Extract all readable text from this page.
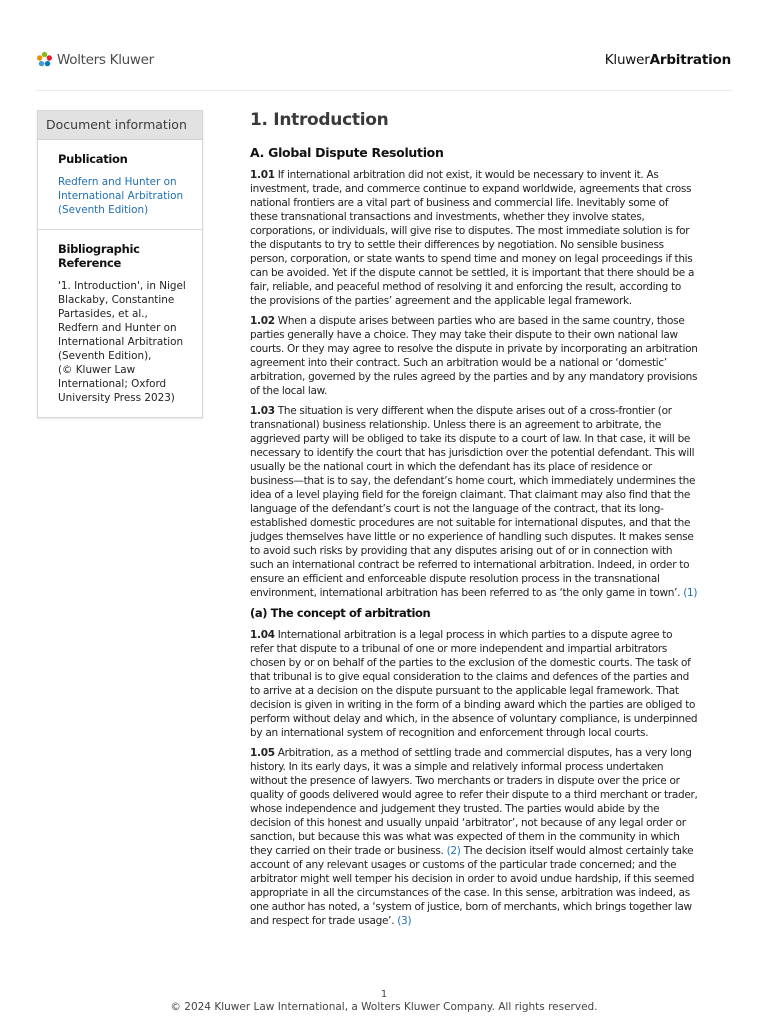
Wolters Kluwer	KluwerArbitration
Document information
Publication
Redfern and Hunter on International Arbitration (Seventh Edition)
Bibliographic Reference
'1. Introduction', in Nigel Blackaby, Constantine Partasides, et al., Redfern and Hunter on International Arbitration (Seventh Edition),
(© Kluwer Law International; Oxford University Press 2023)
1. Introduction
A. Global Dispute Resolution

1.01 If international arbitration did not exist, it would be necessary to invent it. As investment, trade, and commerce continue to expand worldwide, agreements that cross national frontiers are a vital part of business and commercial life. Inevitably some of these transnational transactions and investments, whether they involve states, corporations, or individuals, will give rise to disputes. The most immediate solution is for the disputants to try to settle their differences by negotiation. No sensible business person, corporation, or state wants to spend time and money on legal proceedings if this can be avoided. Yet if the dispute cannot be settled, it is important that there should be a fair, reliable, and peaceful method of resolving it and enforcing the result, according to the provisions of the parties’ agreement and the applicable legal framework.

1.02 When a dispute arises between parties who are based in the same country, those parties generally have a choice. They may take their dispute to their own national law courts. Or they may agree to resolve the dispute in private by incorporating an arbitration agreement into their contract. Such an arbitration would be a national or ‘domestic’ arbitration, governed by the rules agreed by the parties and by any mandatory provisions of the local law.

1.03 The situation is very different when the dispute arises out of a cross-frontier (or transnational) business relationship. Unless there is an agreement to arbitrate, the aggrieved party will be obliged to take its dispute to a court of law. In that case, it will be necessary to identify the court that has jurisdiction over the potential defendant. This will usually be the national court in which the defendant has its place of residence or business—that is to say, the defendant’s home court, which immediately undermines the idea of a level playing field for the foreign claimant. That claimant may also find that the language of the defendant’s court is not the language of the contract, that its long-established domestic procedures are not suitable for international disputes, and that the judges themselves have little or no experience of handling such disputes. It makes sense to avoid such risks by providing that any disputes arising out of or in connection with such an international contract be referred to international arbitration. Indeed, in order to ensure an efficient and enforceable dispute resolution process in the transnational environment, international arbitration has been referred to as ‘the only game in town’. (1)

(a) The concept of arbitration

1.04 International arbitration is a legal process in which parties to a dispute agree to refer that dispute to a tribunal of one or more independent and impartial arbitrators chosen by or on behalf of the parties to the exclusion of the domestic courts. The task of that tribunal is to give equal consideration to the claims and defences of the parties and to arrive at a decision on the dispute pursuant to the applicable legal framework. That decision is given in writing in the form of a binding award which the parties are obliged to perform without delay and which, in the absence of voluntary compliance, is underpinned by an international system of recognition and enforcement through local courts.

1.05 Arbitration, as a method of settling trade and commercial disputes, has a very long history. In its early days, it was a simple and relatively informal process undertaken without the presence of lawyers. Two merchants or traders in dispute over the price or quality of goods delivered would agree to refer their dispute to a third merchant or trader, whose independence and judgement they trusted. The parties would abide by the decision of this honest and usually unpaid ‘arbitrator’, not because of any legal order or sanction, but because this was what was expected of them in the community in which they carried on their trade or business. (2) The decision itself would almost certainly take account of any relevant usages or customs of the particular trade concerned; and the arbitrator might well temper his decision in order to avoid undue hardship, if this seemed appropriate in all the circumstances of the case. In this sense, arbitration was indeed, as one author has noted, a ‘system of justice, born of merchants, which brings together law and respect for trade usage’. (3)

1
© 2024 Kluwer Law International, a Wolters Kluwer Company. All rights reserved.
